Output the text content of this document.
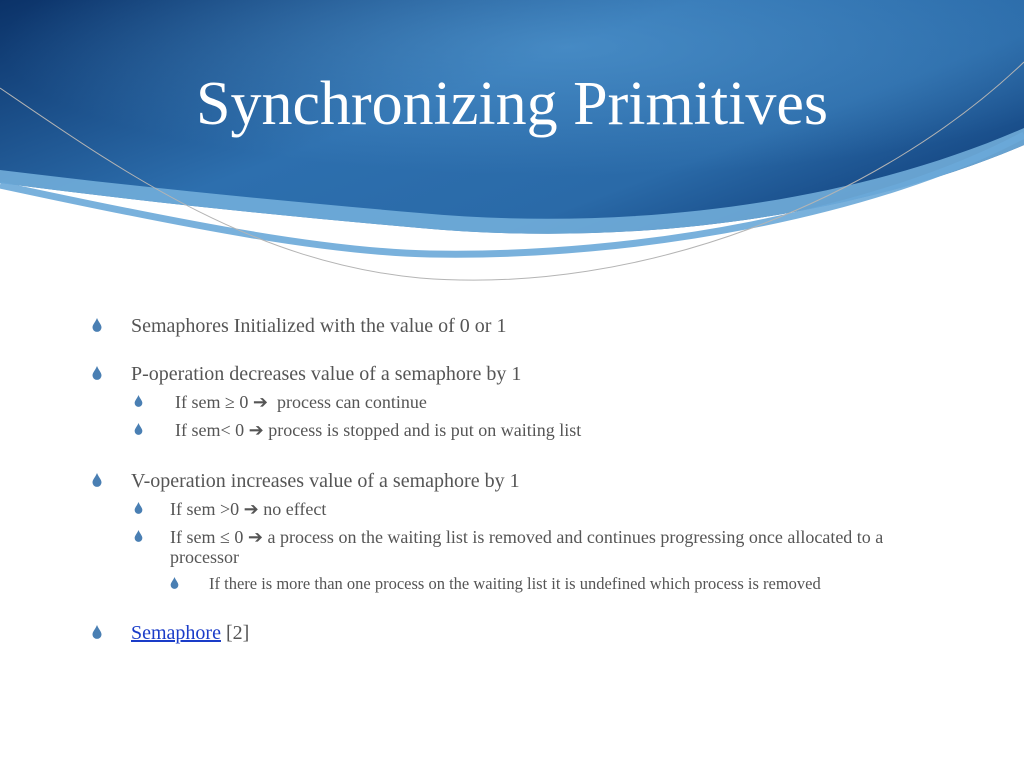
Synchronizing Primitives
Semaphores Initialized with the value of 0 or 1
P-operation decreases value of a semaphore by 1
If sem ≥ 0 ➔  process can continue
If sem< 0 ➔ process is stopped and is put on waiting list
V-operation increases value of a semaphore by 1
If sem >0 ➔ no effect
If sem ≤ 0 ➔ a process on the waiting list is removed and continues progressing once allocated to a processor
If there is more than one process on the waiting list it is undefined which process is removed
Semaphore [2]
